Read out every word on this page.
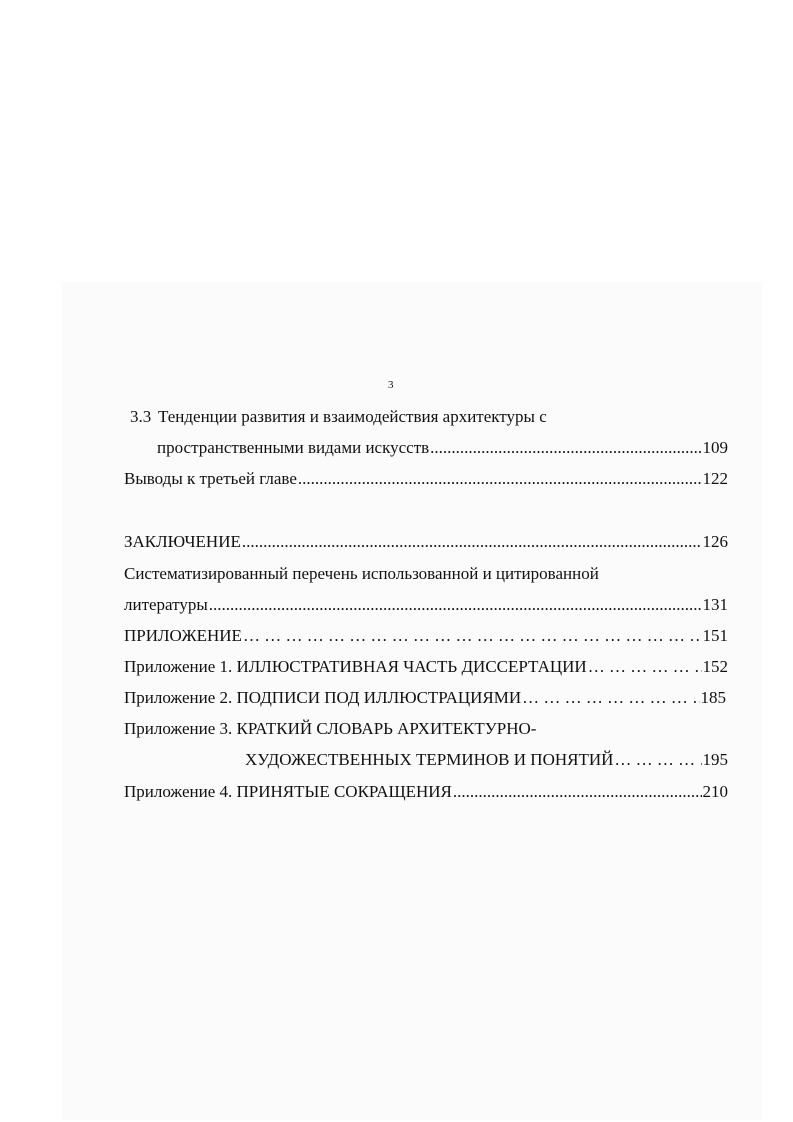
3
3.3 Тенденции развития и взаимодействия архитектуры с
пространственными видами искусств .....	109
Выводы к третьей главе .....	122
ЗАКЛЮЧЕНИЕ .....	126
Систематизированный перечень использованной и цитированной
литературы .....	131
ПРИЛОЖЕНИЕ … … … … … … … … … … … … … … … … … … … … … … … … … … … … … … … … … … … … … … … … … … … … … … … …	151
Приложение 1. ИЛЛЮСТРАТИВНАЯ ЧАСТЬ ДИССЕРТАЦИИ … … … … … … … … … … … … … … … … … … … … … … … … … … … … … … … … … … … … … … … … … … … … … … … …	152
Приложение 2. ПОДПИСИ ПОД ИЛЛЮСТРАЦИЯМИ … … … … … … … … … … … … … … … … … … … … … … … … … … … … … … … … … … … … … … … … … … … … … … … …	185
Приложение 3. КРАТКИЙ СЛОВАРЬ АРХИТЕКТУРНО-
ХУДОЖЕСТВЕННЫХ ТЕРМИНОВ И ПОНЯТИЙ … … … … … … … … … … … … … … … … … … … … … … … … … … … … … … … … … … … … … … … … … … … … … … … …	195
Приложение 4. ПРИНЯТЫЕ СОКРАЩЕНИЯ .....	210
